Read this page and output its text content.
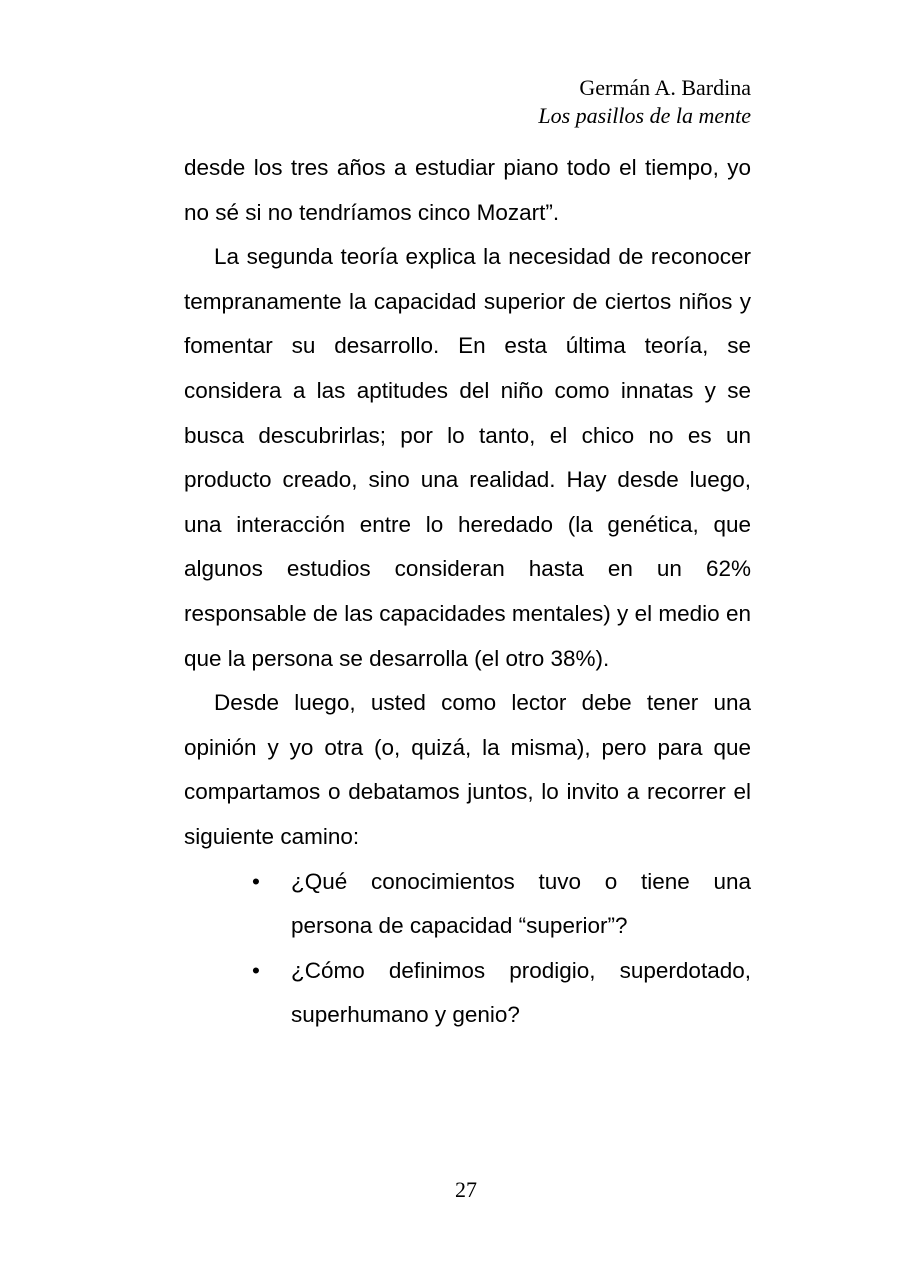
Germán A. Bardina
Los pasillos de la mente

desde los tres años a estudiar piano todo el tiempo, yo no sé si no tendríamos cinco Mozart”.

La segunda teoría explica la necesidad de reconocer tempranamente la capacidad superior de ciertos niños y fomentar su desarrollo. En esta última teoría, se considera a las aptitudes del niño como innatas y se busca descubrirlas; por lo tanto, el chico no es un producto creado, sino una realidad. Hay desde luego, una interacción entre lo heredado (la genética, que algunos estudios consideran hasta en un 62% responsable de las capacidades mentales) y el medio en que la persona se desarrolla (el otro 38%).

Desde luego, usted como lector debe tener una opinión y yo otra (o, quizá, la misma), pero para que compartamos o debatamos juntos, lo invito a recorrer el siguiente camino:

• ¿Qué conocimientos tuvo o tiene una persona de capacidad “superior”?
• ¿Cómo definimos prodigio, superdotado, superhumano y genio?
27
